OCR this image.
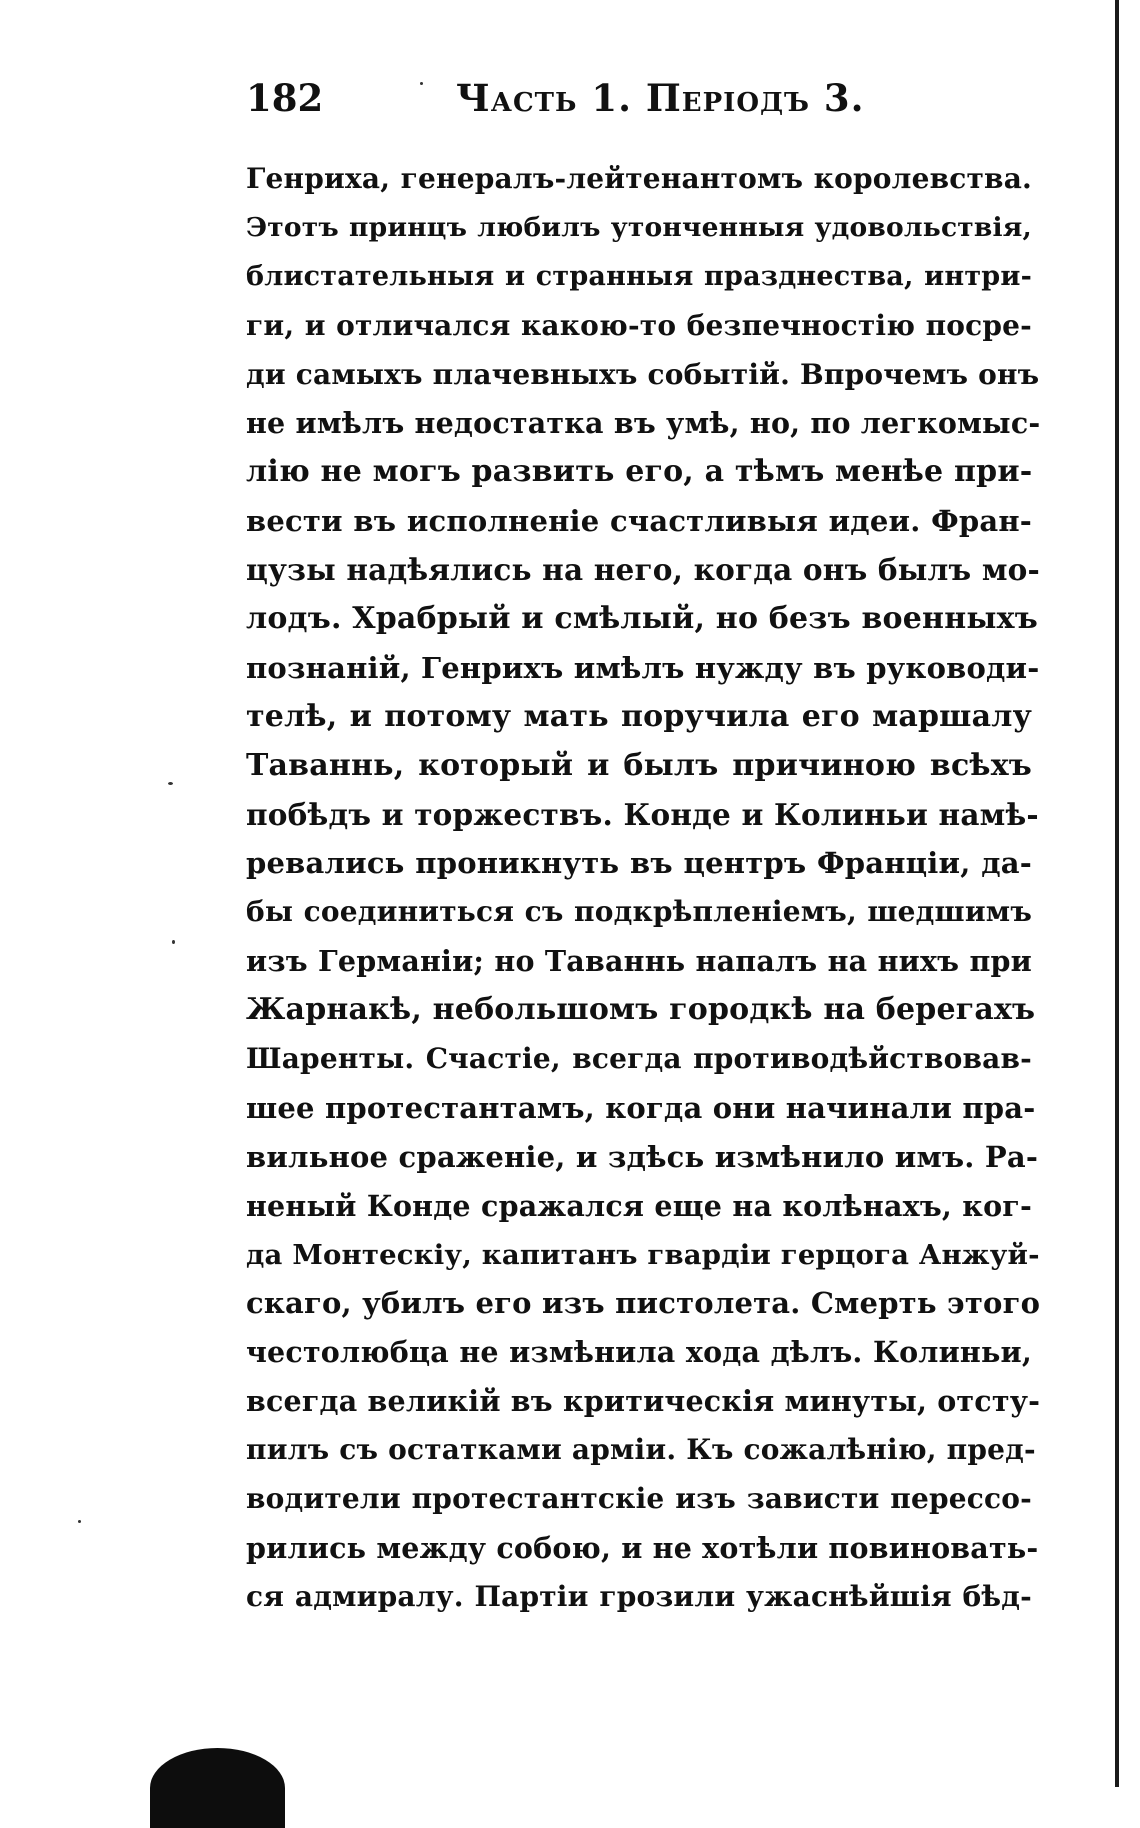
182	Часть 1. Періодъ 3.
Генриха, генералъ-лейтенантомъ королевства.
Этотъ принцъ любилъ утонченныя удовольствія,
блистательныя и странныя празднества, интри-
ги, и отличался какою-то безпечностію посре-
ди самыхъ плачевныхъ событій. Впрочемъ онъ
не имѣлъ недостатка въ умѣ, но, по легкомыс-
лію не могъ развить его, а тѣмъ менѣе при-
вести въ исполненіе счастливыя идеи. Фран-
цузы надѣялись на него, когда онъ былъ мо-
лодъ. Храбрый и смѣлый, но безъ военныхъ
познаній, Генрихъ имѣлъ нужду въ руководи-
телѣ, и потому мать поручила его маршалу
Таваннь, который и былъ причиною всѣхъ
побѣдъ и торжествъ. Конде и Колиньи намѣ-
ревались проникнуть въ центръ Франціи, да-
бы соединиться съ подкрѣпленіемъ, шедшимъ
изъ Германіи; но Таваннь напалъ на нихъ при
Жарнакѣ, небольшомъ городкѣ на берегахъ
Шаренты. Счастіе, всегда противодѣйствовав-
шее протестантамъ, когда они начинали пра-
вильное сраженіе, и здѣсь измѣнило имъ. Ра-
неный Конде сражался еще на колѣнахъ, ког-
да Монтескіу, капитанъ гвардіи герцога Анжуй-
скаго, убилъ его изъ пистолета. Смерть этого
честолюбца не измѣнила хода дѣлъ. Колиньи,
всегда великій въ критическія минуты, отсту-
пилъ съ остатками арміи. Къ сожалѣнію, пред-
водители протестантскіе изъ зависти перессо-
рились между собою, и не хотѣли повиновать-
ся адмиралу. Партіи грозили ужаснѣйшія бѣд-
